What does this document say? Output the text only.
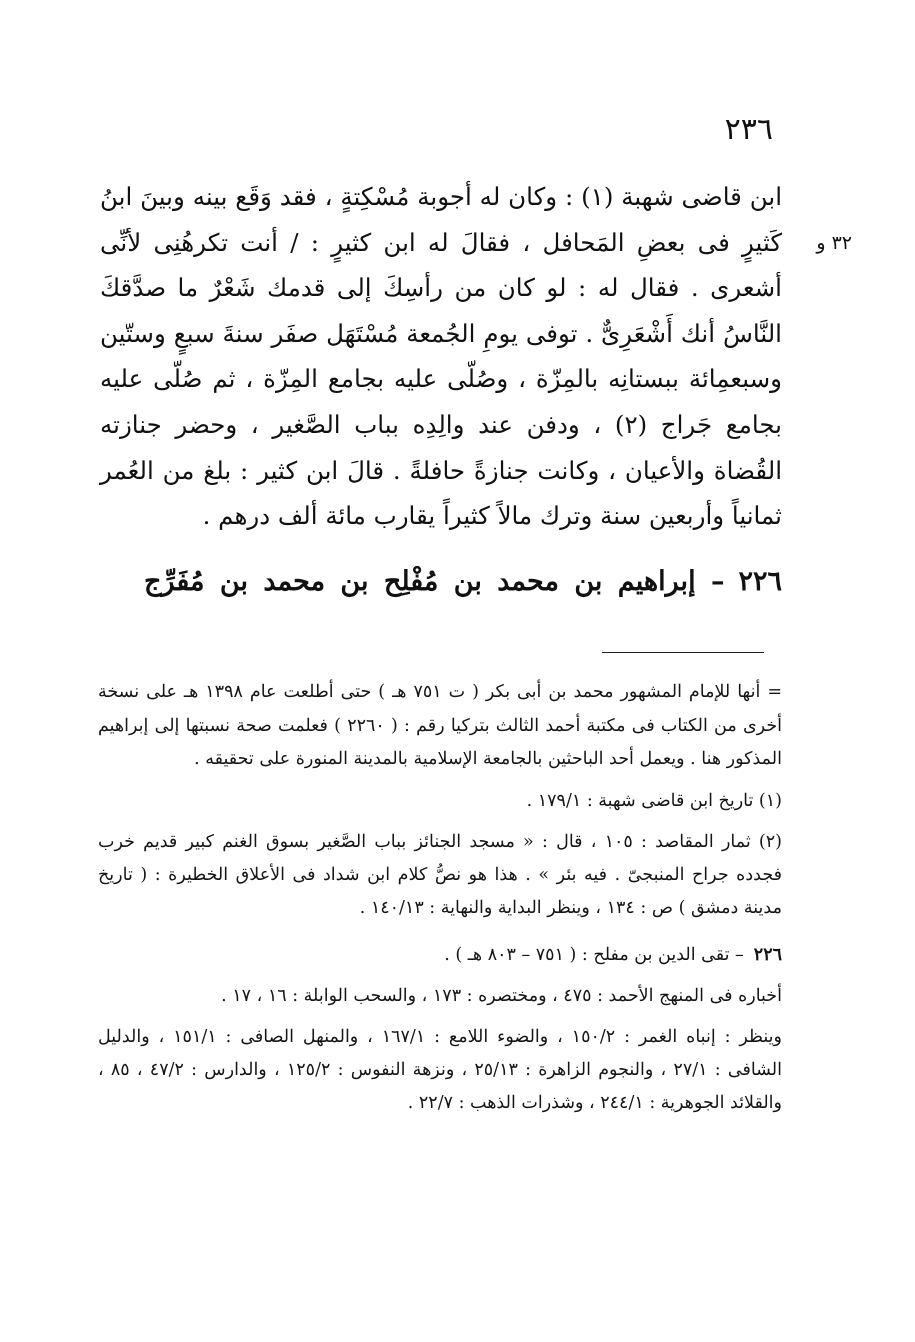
٢٣٦
٣٢ و

ابن قاضى شهبة (١) : وكان له أجوبة مُسْكِتةٍ ، فقد وَقَع بينه وبينَ ابنُ كَثيرٍ فى بعضِ المَحافل ، فقالَ له ابن كثيرٍ : / أنت تكرهُنِى لأنِّى أشعرى . فقال له : لو كان من رأسِكَ إلى قدمك شَعْرٌ ما صدَّقكَ النَّاسُ أنك أَشْعَرِىٌّ . توفى يومِ الجُمعة مُسْتَهَل صفَر سنةَ سبعٍ وستّين وسبعمِائة ببستانِه بالمِزّة ، وصُلّى عليه بجامع المِزّة ، ثم صُلّى عليه بجامع جَراج (٢) ، ودفن عند والِدِه بباب الصَّغير ، وحضر جنازته القُضاة والأعيان ، وكانت جنازةً حافلةً . قالَ ابن كثير : بلغ من العُمر ثمانياً وأربعين سنة وترك مالاً كثيراً يقارب مائة ألف درهم .

٢٢٦– إبراهيم بن محمد بن مُفْلِح بن محمد بن مُفَرِّج

= أنها للإمام المشهور محمد بن أبى بكر ( ت ٧٥١ هـ ) حتى أطلعت عام ١٣٩٨ هـ على نسخة أخرى من الكتاب فى مكتبة أحمد الثالث بتركيا رقم : ( ٢٢٦٠ ) فعلمت صحة نسبتها إلى إبراهيم المذكور هنا . ويعمل أحد الباحثين بالجامعة الإسلامية بالمدينة المنورة على تحقيقه .

(١) تاريخ ابن قاضى شهبة : ١٧٩/١ .

(٢) ثمار المقاصد : ١٠٥ ، قال : « مسجد الجنائز بباب الصَّغير بسوق الغنم كبير قديم خرب فجدده جراح المنبجىّ . فيه بئر » . هذا هو نصُّ كلام ابن شداد فى الأعلاق الخطيرة : ( تاريخ مدينة دمشق ) ص : ١٣٤ ، وينظر البداية والنهاية : ١٤٠/١٣ .

٢٢٦– تقى الدين بن مفلح : ( ٧٥١ – ٨٠٣ هـ ) .

أخباره فى المنهج الأحمد : ٤٧٥ ، ومختصره : ١٧٣ ، والسحب الوابلة : ١٦ ، ١٧ .

وينظر : إنباه الغمر : ١٥٠/٢ ، والضوء اللامع : ١٦٧/١ ، والمنهل الصافى : ١٥١/١ ، والدليل الشافى : ٢٧/١ ، والنجوم الزاهرة : ٢٥/١٣ ، ونزهة النفوس : ١٢٥/٢ ، والدارس : ٤٧/٢ ، ٨٥ ، والقلائد الجوهرية : ٢٤٤/١ ، وشذرات الذهب : ٢٢/٧ .
